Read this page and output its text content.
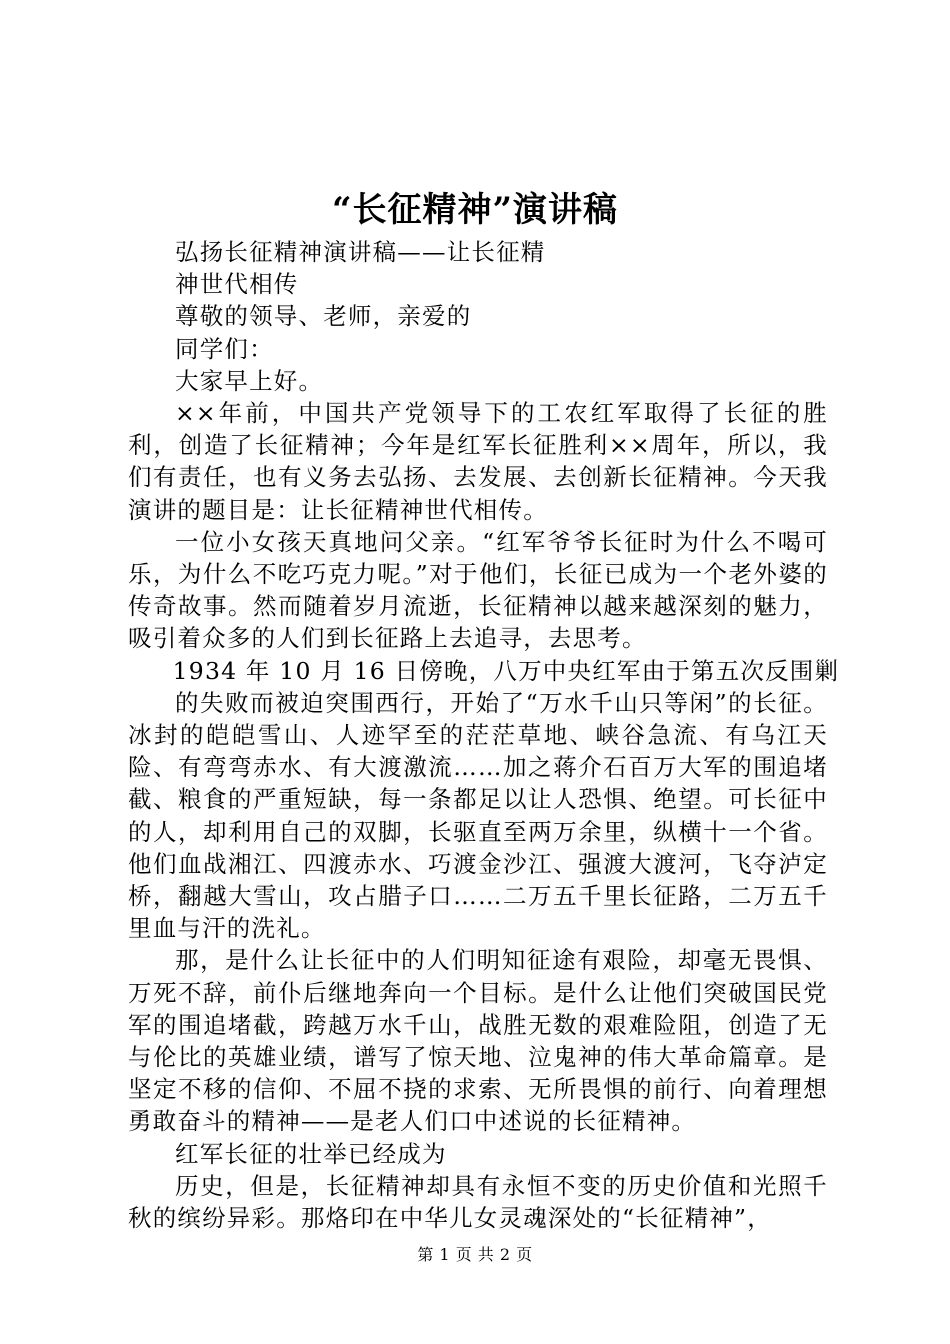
“长征精神”演讲稿

弘扬长征精神演讲稿——让长征精

神世代相传

尊敬的领导、老师，亲爱的

同学们：

大家早上好。

××年前，中国共产党领导下的工农红军取得了长征的胜利，创造了长征精神；今年是红军长征胜利××周年，所以，我们有责任，也有义务去弘扬、去发展、去创新长征精神。今天我演讲的题目是：让长征精神世代相传。

一位小女孩天真地问父亲。“红军爷爷长征时为什么不喝可乐，为什么不吃巧克力呢。”对于他们，长征已成为一个老外婆的传奇故事。然而随着岁月流逝，长征精神以越来越深刻的魅力，吸引着众多的人们到长征路上去追寻，去思考。

1934 年 10 月 16 日傍晚，八万中央红军由于第五次反围剿

的失败而被迫突围西行，开始了“万水千山只等闲”的长征。冰封的皑皑雪山、人迹罕至的茫茫草地、峡谷急流、有乌江天险、有弯弯赤水、有大渡激流……加之蒋介石百万大军的围追堵截、粮食的严重短缺，每一条都足以让人恐惧、绝望。可长征中的人，却利用自己的双脚，长驱直至两万余里，纵横十一个省。他们血战湘江、四渡赤水、巧渡金沙江、强渡大渡河，飞夺泸定桥，翻越大雪山，攻占腊子口……二万五千里长征路，二万五千里血与汗的洗礼。

那，是什么让长征中的人们明知征途有艰险，却毫无畏惧、万死不辞，前仆后继地奔向一个目标。是什么让他们突破国民党军的围追堵截，跨越万水千山，战胜无数的艰难险阻，创造了无与伦比的英雄业绩，谱写了惊天地、泣鬼神的伟大革命篇章。是坚定不移的信仰、不屈不挠的求索、无所畏惧的前行、向着理想勇敢奋斗的精神——是老人们口中述说的长征精神。

红军长征的壮举已经成为

历史，但是，长征精神却具有永恒不变的历史价值和光照千秋的缤纷异彩。那烙印在中华儿女灵魂深处的“长征精神”，

第 1 页 共 2 页
